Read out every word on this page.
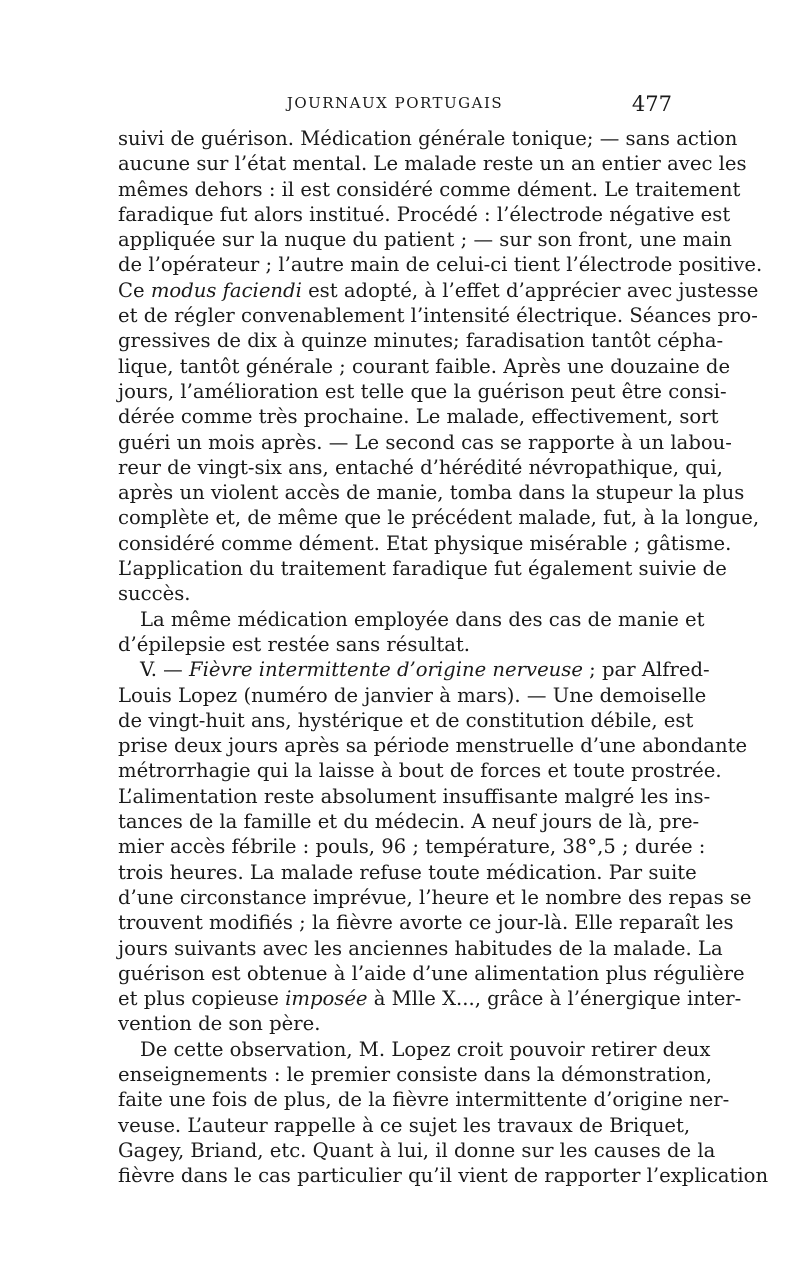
JOURNAUX PORTUGAIS	477
suivi de guérison. Médication générale tonique; — sans action
aucune sur l’état mental. Le malade reste un an entier avec les
mêmes dehors : il est considéré comme dément. Le traitement
faradique fut alors institué. Procédé : l’électrode négative est
appliquée sur la nuque du patient ; — sur son front, une main
de l’opérateur ; l’autre main de celui-ci tient l’électrode positive.
Ce modus faciendi est adopté, à l’effet d’apprécier avec justesse
et de régler convenablement l’intensité électrique. Séances pro-
gressives de dix à quinze minutes; faradisation tantôt cépha-
lique, tantôt générale ; courant faible. Après une douzaine de
jours, l’amélioration est telle que la guérison peut être consi-
dérée comme très prochaine. Le malade, effectivement, sort
guéri un mois après. — Le second cas se rapporte à un labou-
reur de vingt-six ans, entaché d’hérédité névropathique, qui,
après un violent accès de manie, tomba dans la stupeur la plus
complète et, de même que le précédent malade, fut, à la longue,
considéré comme dément. Etat physique misérable ; gâtisme.
L’application du traitement faradique fut également suivie de
succès.
La même médication employée dans des cas de manie et
d’épilepsie est restée sans résultat.
V. — Fièvre intermittente d’origine nerveuse ; par Alfred-
Louis Lopez (numéro de janvier à mars). — Une demoiselle
de vingt-huit ans, hystérique et de constitution débile, est
prise deux jours après sa période menstruelle d’une abondante
métrorrhagie qui la laisse à bout de forces et toute prostrée.
L’alimentation reste absolument insuffisante malgré les ins-
tances de la famille et du médecin. A neuf jours de là, pre-
mier accès fébrile : pouls, 96 ; température, 38°,5 ; durée :
trois heures. La malade refuse toute médication. Par suite
d’une circonstance imprévue, l’heure et le nombre des repas se
trouvent modifiés ; la fièvre avorte ce jour-là. Elle reparaît les
jours suivants avec les anciennes habitudes de la malade. La
guérison est obtenue à l’aide d’une alimentation plus régulière
et plus copieuse imposée à Mlle X..., grâce à l’énergique inter-
vention de son père.
De cette observation, M. Lopez croit pouvoir retirer deux
enseignements : le premier consiste dans la démonstration,
faite une fois de plus, de la fièvre intermittente d’origine ner-
veuse. L’auteur rappelle à ce sujet les travaux de Briquet,
Gagey, Briand, etc. Quant à lui, il donne sur les causes de la
fièvre dans le cas particulier qu’il vient de rapporter l’explication
